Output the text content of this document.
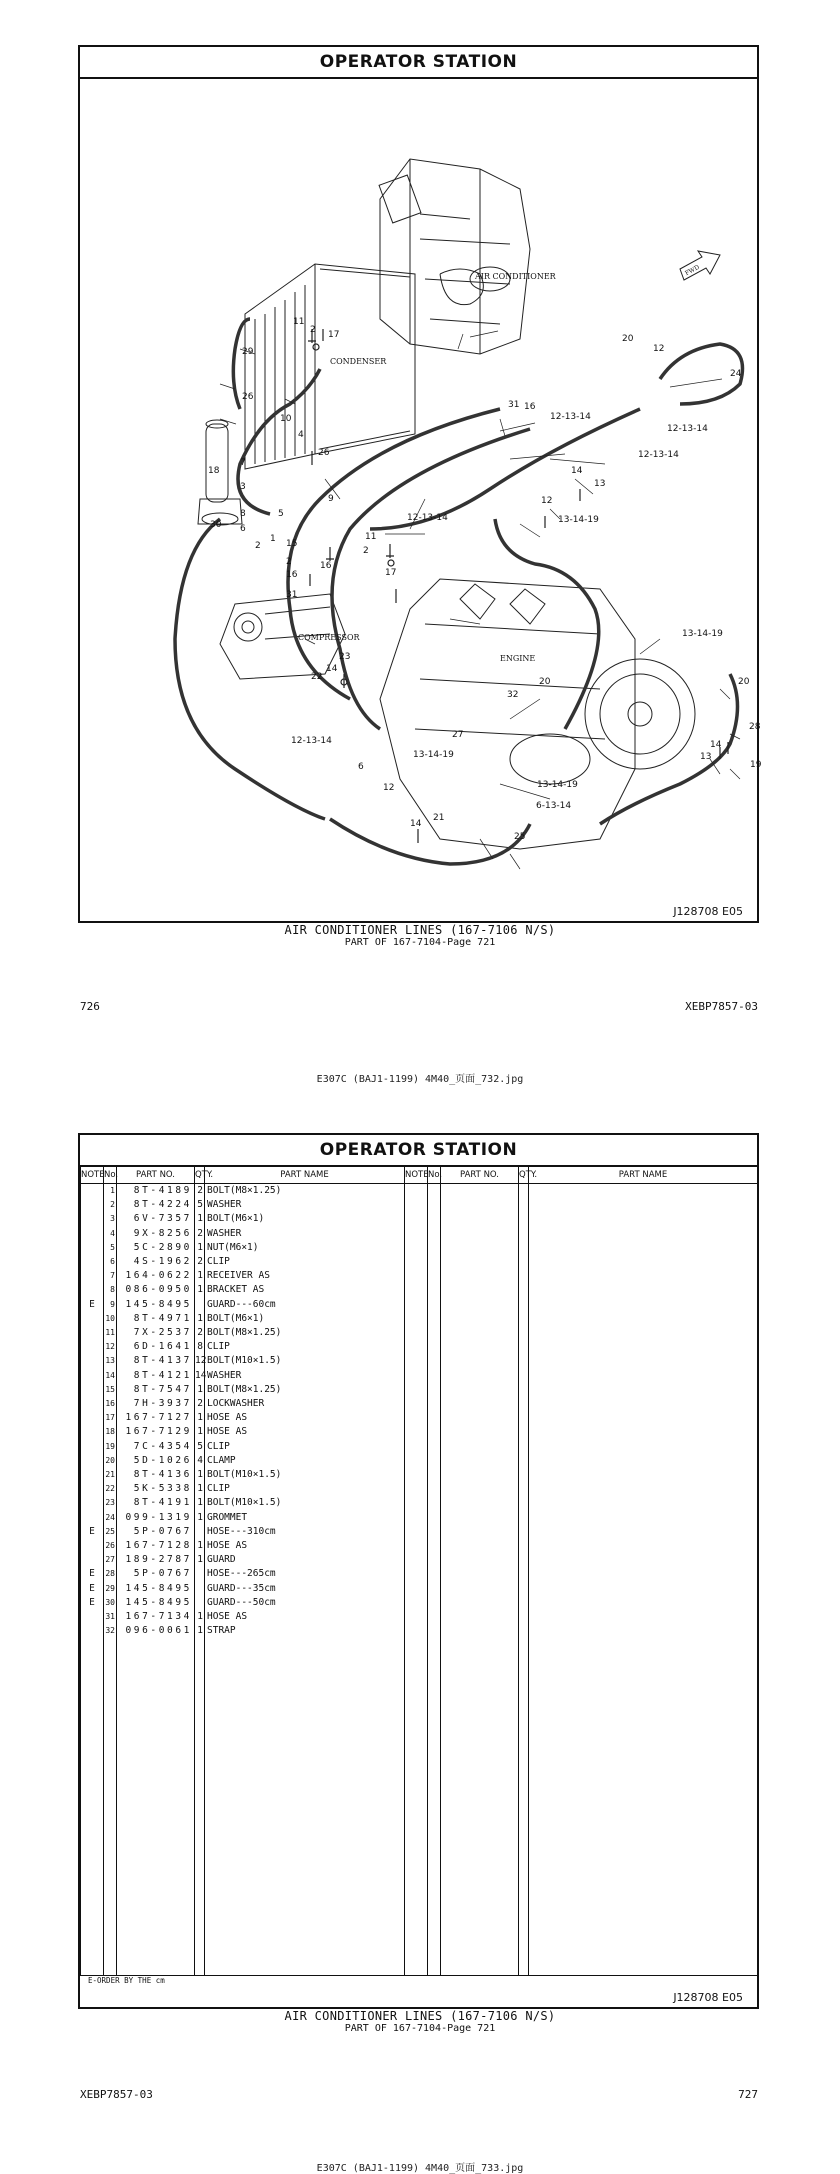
OPERATOR STATION
AIR CONDITIONER
CONDENSER
COMPRESSOR
ENGINE
FWD
11
2 17
29
26
10
4
26
7
18
3
8
6
5
2
1
9
30
20
12
24
31 16
12-13-14
12-13-14
12-13-14
14
13
12
13-14-19
12-13-14
11
2
16
17
15
2
16
31
22
14
23
12-13-14
6
12
14
21
13-14-19
20
32
27
13-14-19
6-13-14
25
13-14-19
20
28
14
13
19
J128708 E05
AIR CONDITIONER LINES (167-7106 N/S)
PART OF 167-7104-Page 721
726	XEBP7857-03
E307C (BAJ1-1199) 4M40_页面_732.jpg
OPERATOR STATION
NOTE	No.	PART NO.	QTY.	PART NAME	NOTE	No.	PART NO.	QTY.	PART NAME
	1	8T-4189	2	BOLT(M8×1.25)					
	2	8T-4224	5	WASHER					
	3	6V-7357	1	BOLT(M6×1)					
	4	9X-8256	2	WASHER					
	5	5C-2890	1	NUT(M6×1)					
	6	4S-1962	2	CLIP					
	7	164-0622	1	RECEIVER AS					
	8	086-0950	1	BRACKET AS					
E	9	145-8495		GUARD---60cm					
	10	8T-4971	1	BOLT(M6×1)					
	11	7X-2537	2	BOLT(M8×1.25)					
	12	6D-1641	8	CLIP					
	13	8T-4137	12	BOLT(M10×1.5)					
	14	8T-4121	14	WASHER					
	15	8T-7547	1	BOLT(M8×1.25)					
	16	7H-3937	2	LOCKWASHER					
	17	167-7127	1	HOSE AS					
	18	167-7129	1	HOSE AS					
	19	7C-4354	5	CLIP					
	20	5D-1026	4	CLAMP					
	21	8T-4136	1	BOLT(M10×1.5)					
	22	5K-5338	1	CLIP					
	23	8T-4191	1	BOLT(M10×1.5)					
	24	099-1319	1	GROMMET					
E	25	5P-0767		HOSE---310cm					
	26	167-7128	1	HOSE AS					
	27	189-2787	1	GUARD					
E	28	5P-0767		HOSE---265cm					
E	29	145-8495		GUARD---35cm					
E	30	145-8495		GUARD---50cm					
	31	167-7134	1	HOSE AS					
	32	096-0061	1	STRAP					

E-ORDER BY THE cm
J128708 E05
AIR CONDITIONER LINES (167-7106 N/S)
PART OF 167-7104-Page 721
XEBP7857-03	727
E307C (BAJ1-1199) 4M40_页面_733.jpg
